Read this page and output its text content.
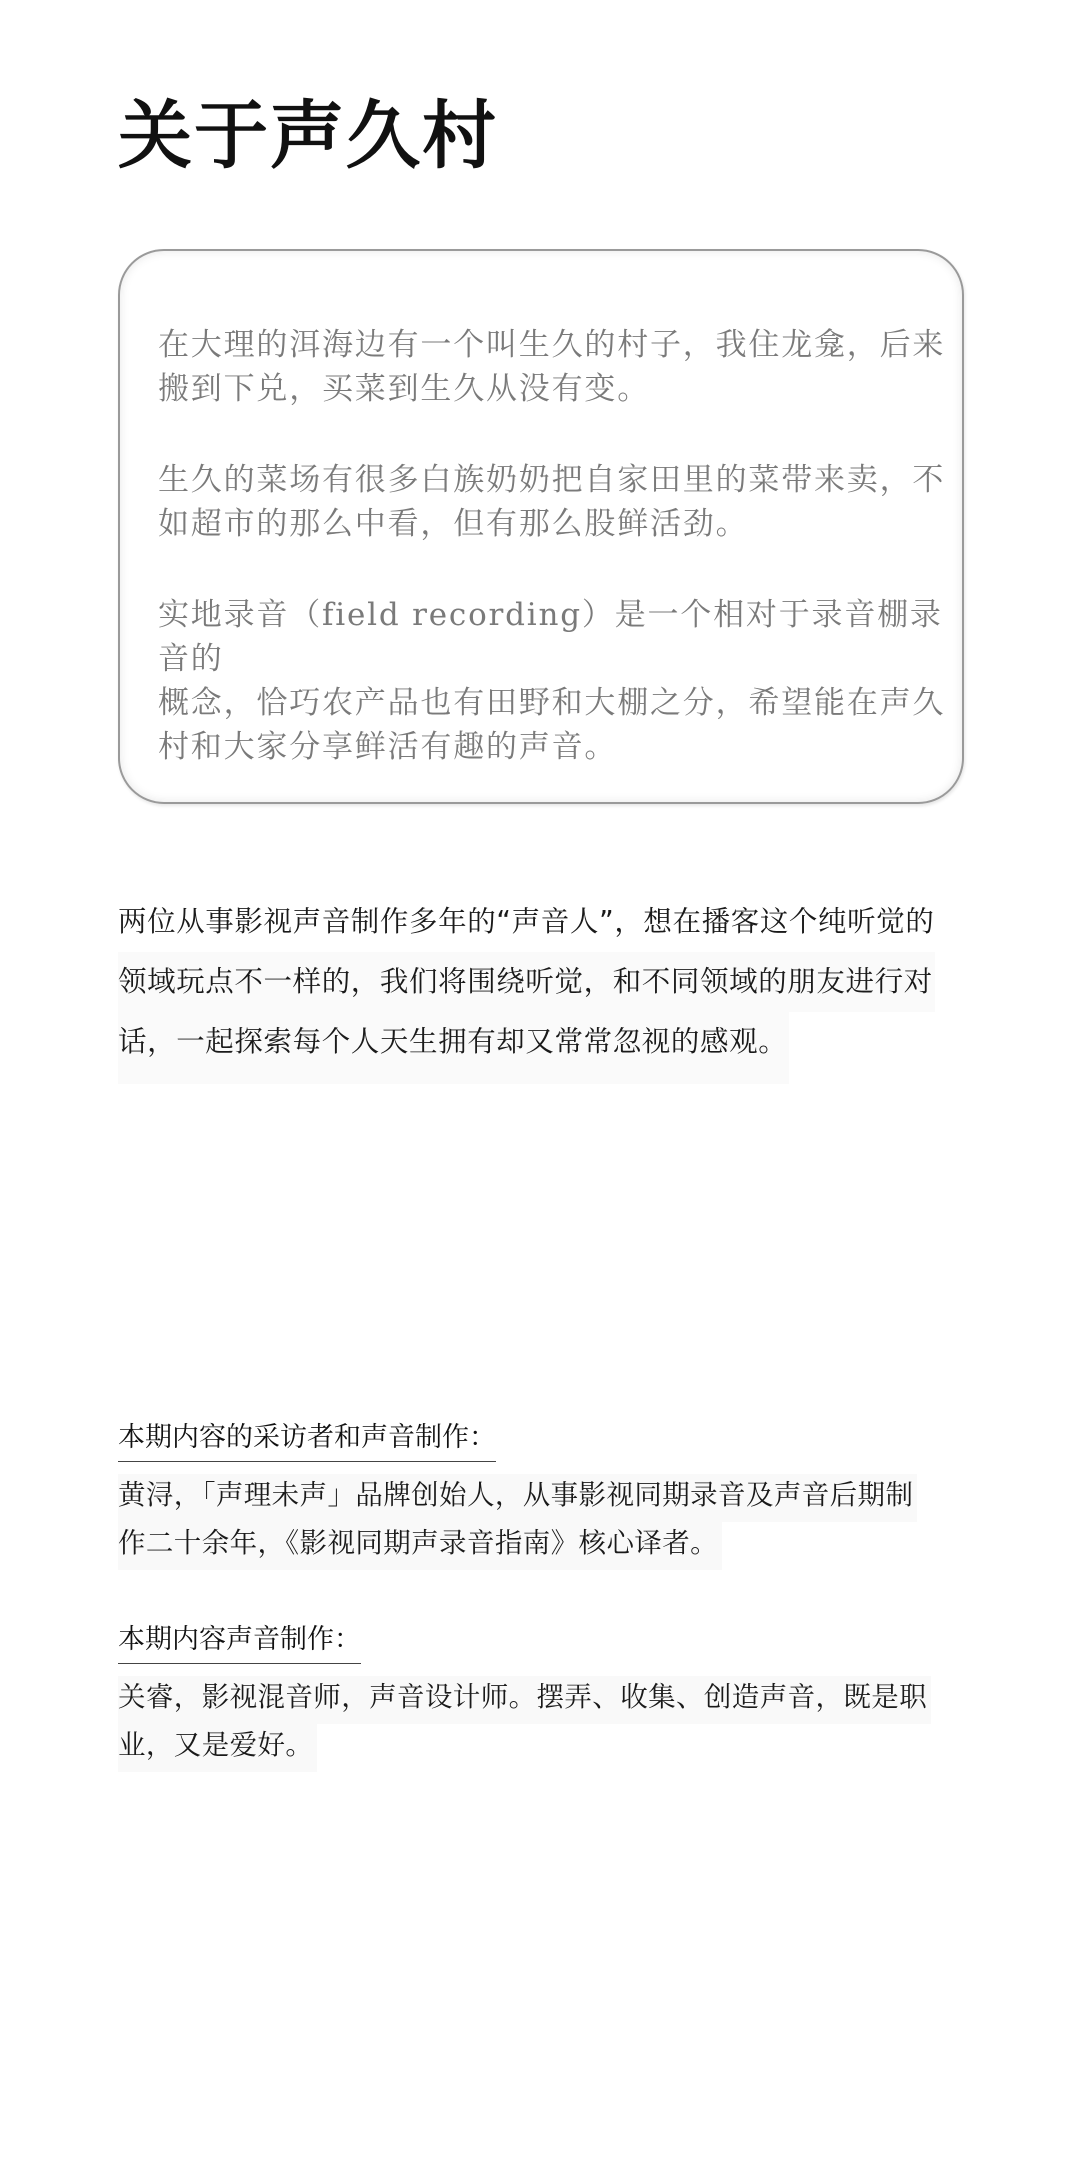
关于声久村

在大理的洱海边有一个叫生久的村子，我住龙龛，后来
搬到下兑，买菜到生久从没有变。

生久的菜场有很多白族奶奶把自家田里的菜带来卖，不
如超市的那么中看，但有那么股鲜活劲。

实地录音（field recording）是一个相对于录音棚录音的
概念，恰巧农产品也有田野和大棚之分，希望能在声久
村和大家分享鲜活有趣的声音。

两位从事影视声音制作多年的“声音人”，想在播客这个纯听觉的
领域玩点不一样的，我们将围绕听觉，和不同领域的朋友进行对
话，一起探索每个人天生拥有却又常常忽视的感观。
本期内容的采访者和声音制作：
黄浔，「声理未声」品牌创始人，从事影视同期录音及声音后期制
作二十余年，《影视同期声录音指南》核心译者。
本期内容声音制作：
关睿，影视混音师，声音设计师。摆弄、收集、创造声音，既是职
业，又是爱好。
